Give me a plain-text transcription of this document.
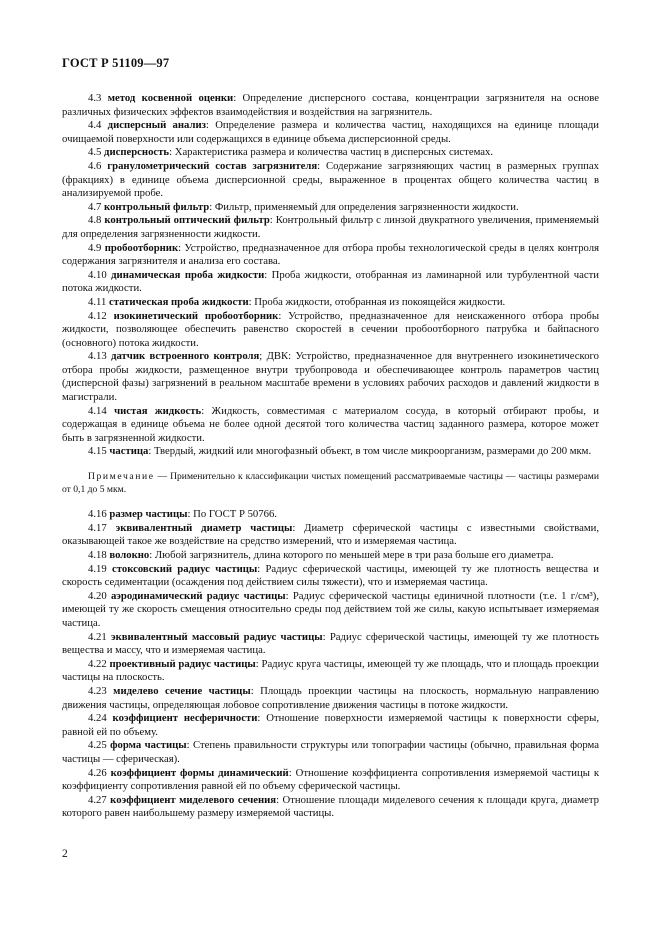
ГОСТ Р 51109—97

4.3 метод косвенной оценки: Определение дисперсного состава, концентрации загрязнителя на основе различных физических эффектов взаимодействия и воздействия на загрязнитель.

4.4 дисперсный анализ: Определение размера и количества частиц, находящихся на единице площади очищаемой поверхности или содержащихся в единице объема дисперсионной среды.

4.5 дисперсность: Характеристика размера и количества частиц в дисперсных системах.

4.6 гранулометрический состав загрязнителя: Содержание загрязняющих частиц в размерных группах (фракциях) в единице объема дисперсионной среды, выраженное в процентах общего количества частиц в анализируемой пробе.

4.7 контрольный фильтр: Фильтр, применяемый для определения загрязненности жидкости.

4.8 контрольный оптический фильтр: Контрольный фильтр с линзой двукратного увеличения, применяемый для определения загрязненности жидкости.

4.9 пробоотборник: Устройство, предназначенное для отбора пробы технологической среды в целях контроля содержания загрязнителя и анализа его состава.

4.10 динамическая проба жидкости: Проба жидкости, отобранная из ламинарной или турбулентной части потока жидкости.

4.11 статическая проба жидкости: Проба жидкости, отобранная из покоящейся жидкости.

4.12 изокинетический пробоотборник: Устройство, предназначенное для неискаженного отбора пробы жидкости, позволяющее обеспечить равенство скоростей в сечении пробоотборного патрубка и байпасного (основного) потока жидкости.

4.13 датчик встроенного контроля; ДВК: Устройство, предназначенное для внутреннего изокинетического отбора пробы жидкости, размещенное внутри трубопровода и обеспечивающее контроль параметров частиц (дисперсной фазы) загрязнений в реальном масштабе времени в условиях рабочих расходов и давлений жидкости в магистрали.

4.14 чистая жидкость: Жидкость, совместимая с материалом сосуда, в который отбирают пробы, и содержащая в единице объема не более одной десятой того количества частиц заданного размера, которое может быть в загрязненной жидкости.

4.15 частица: Твердый, жидкий или многофазный объект, в том числе микроорганизм, размерами до 200 мкм.

Примечание — Применительно к классификации чистых помещений рассматриваемые частицы — частицы размерами от 0,1 до 5 мкм.

4.16 размер частицы: По ГОСТ Р 50766.

4.17 эквивалентный диаметр частицы: Диаметр сферической частицы с известными свойствами, оказывающей такое же воздействие на средство измерений, что и измеряемая частица.

4.18 волокно: Любой загрязнитель, длина которого по меньшей мере в три раза больше его диаметра.

4.19 стоксовский радиус частицы: Радиус сферической частицы, имеющей ту же плотность вещества и скорость седиментации (осаждения под действием силы тяжести), что и измеряемая частица.

4.20 аэродинамический радиус частицы: Радиус сферической частицы единичной плотности (т.е. 1 г/см³), имеющей ту же скорость смещения относительно среды под действием той же силы, какую испытывает измеряемая частица.

4.21 эквивалентный массовый радиус частицы: Радиус сферической частицы, имеющей ту же плотность вещества и массу, что и измеряемая частица.

4.22 проективный радиус частицы: Радиус круга частицы, имеющей ту же площадь, что и площадь проекции частицы на плоскость.

4.23 миделево сечение частицы: Площадь проекции частицы на плоскость, нормальную направлению движения частицы, определяющая лобовое сопротивление движения частицы в потоке жидкости.

4.24 коэффициент несферичности: Отношение поверхности измеряемой частицы к поверхности сферы, равной ей по объему.

4.25 форма частицы: Степень правильности структуры или топографии частицы (обычно, правильная форма частицы — сферическая).

4.26 коэффициент формы динамический: Отношение коэффициента сопротивления измеряемой частицы к коэффициенту сопротивления равной ей по объему сферической частицы.

4.27 коэффициент миделевого сечения: Отношение площади миделевого сечения к площади круга, диаметр которого равен наибольшему размеру измеряемой частицы.

2
